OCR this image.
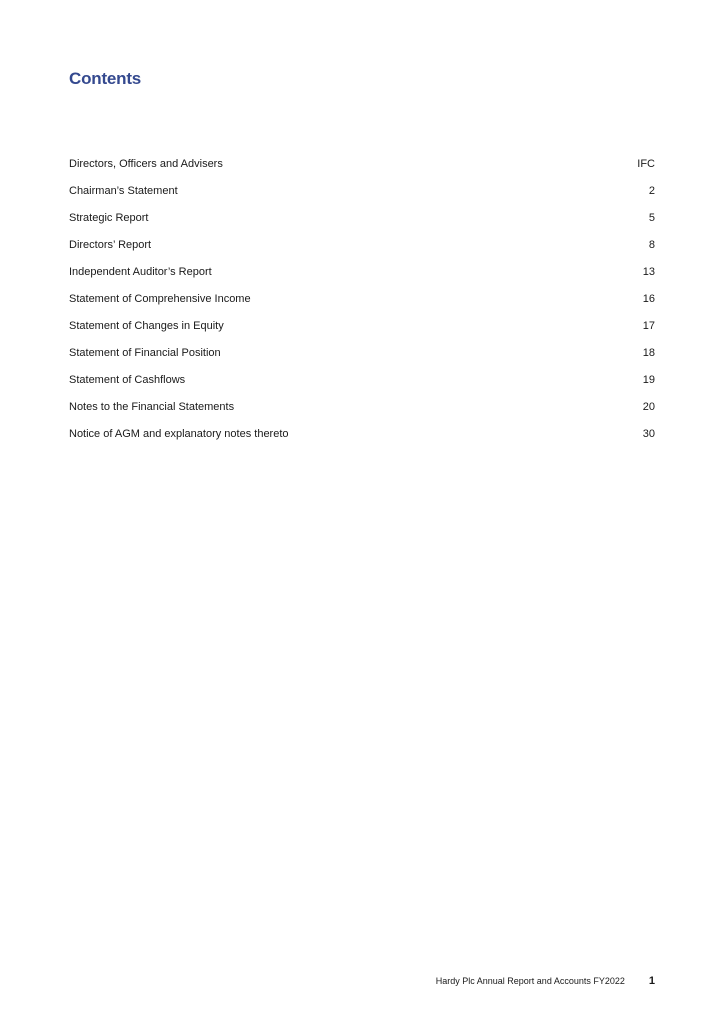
Contents
Directors, Officers and Advisers	IFC
Chairman’s Statement	2
Strategic Report	5
Directors’ Report	8
Independent Auditor’s Report	13
Statement of Comprehensive Income	16
Statement of Changes in Equity	17
Statement of Financial Position	18
Statement of Cashflows	19
Notes to the Financial Statements	20
Notice of AGM and explanatory notes thereto	30
Hardy Plc Annual Report and Accounts FY2022 1
